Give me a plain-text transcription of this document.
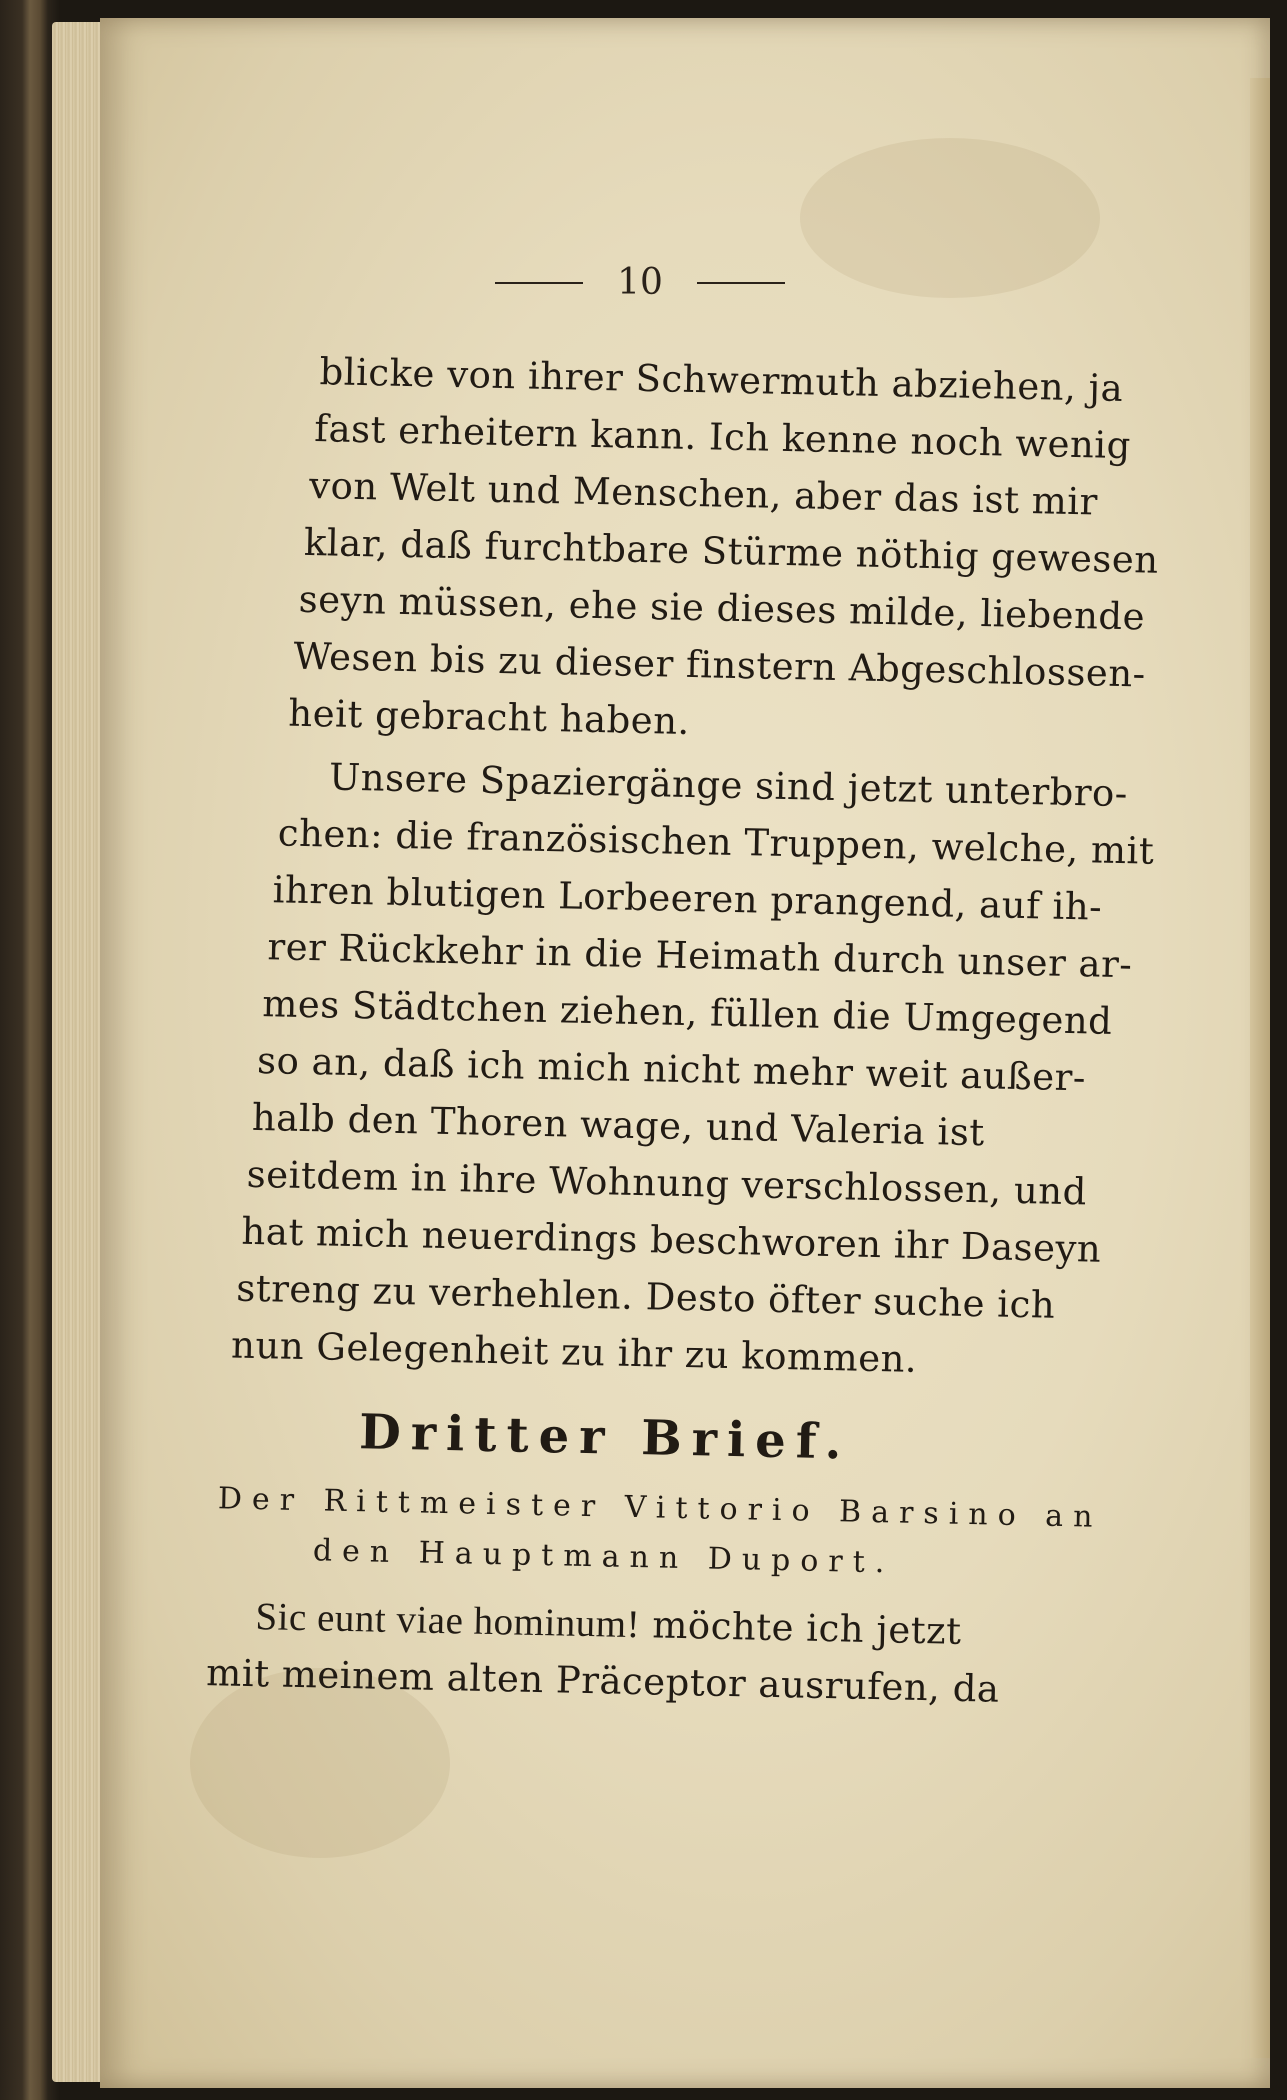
10
blicke von ihrer Schwermuth abziehen, ja
fast erheitern kann. Ich kenne noch wenig
von Welt und Menschen, aber das ist mir
klar, daß furchtbare Stürme nöthig gewesen
seyn müssen, ehe sie dieses milde, liebende
Wesen bis zu dieser finstern Abgeschlossen-
heit gebracht haben.
Unsere Spaziergänge sind jetzt unterbro-
chen: die französischen Truppen, welche, mit
ihren blutigen Lorbeeren prangend, auf ih-
rer Rückkehr in die Heimath durch unser ar-
mes Städtchen ziehen, füllen die Umgegend
so an, daß ich mich nicht mehr weit außer-
halb den Thoren wage, und Valeria ist
seitdem in ihre Wohnung verschlossen, und
hat mich neuerdings beschworen ihr Daseyn
streng zu verhehlen. Desto öfter suche ich
nun Gelegenheit zu ihr zu kommen.
Dritter Brief.
Der Rittmeister Vittorio Barsino an
den Hauptmann Duport.
Sic eunt viae hominum! möchte ich jetzt
mit meinem alten Präceptor ausrufen, da
